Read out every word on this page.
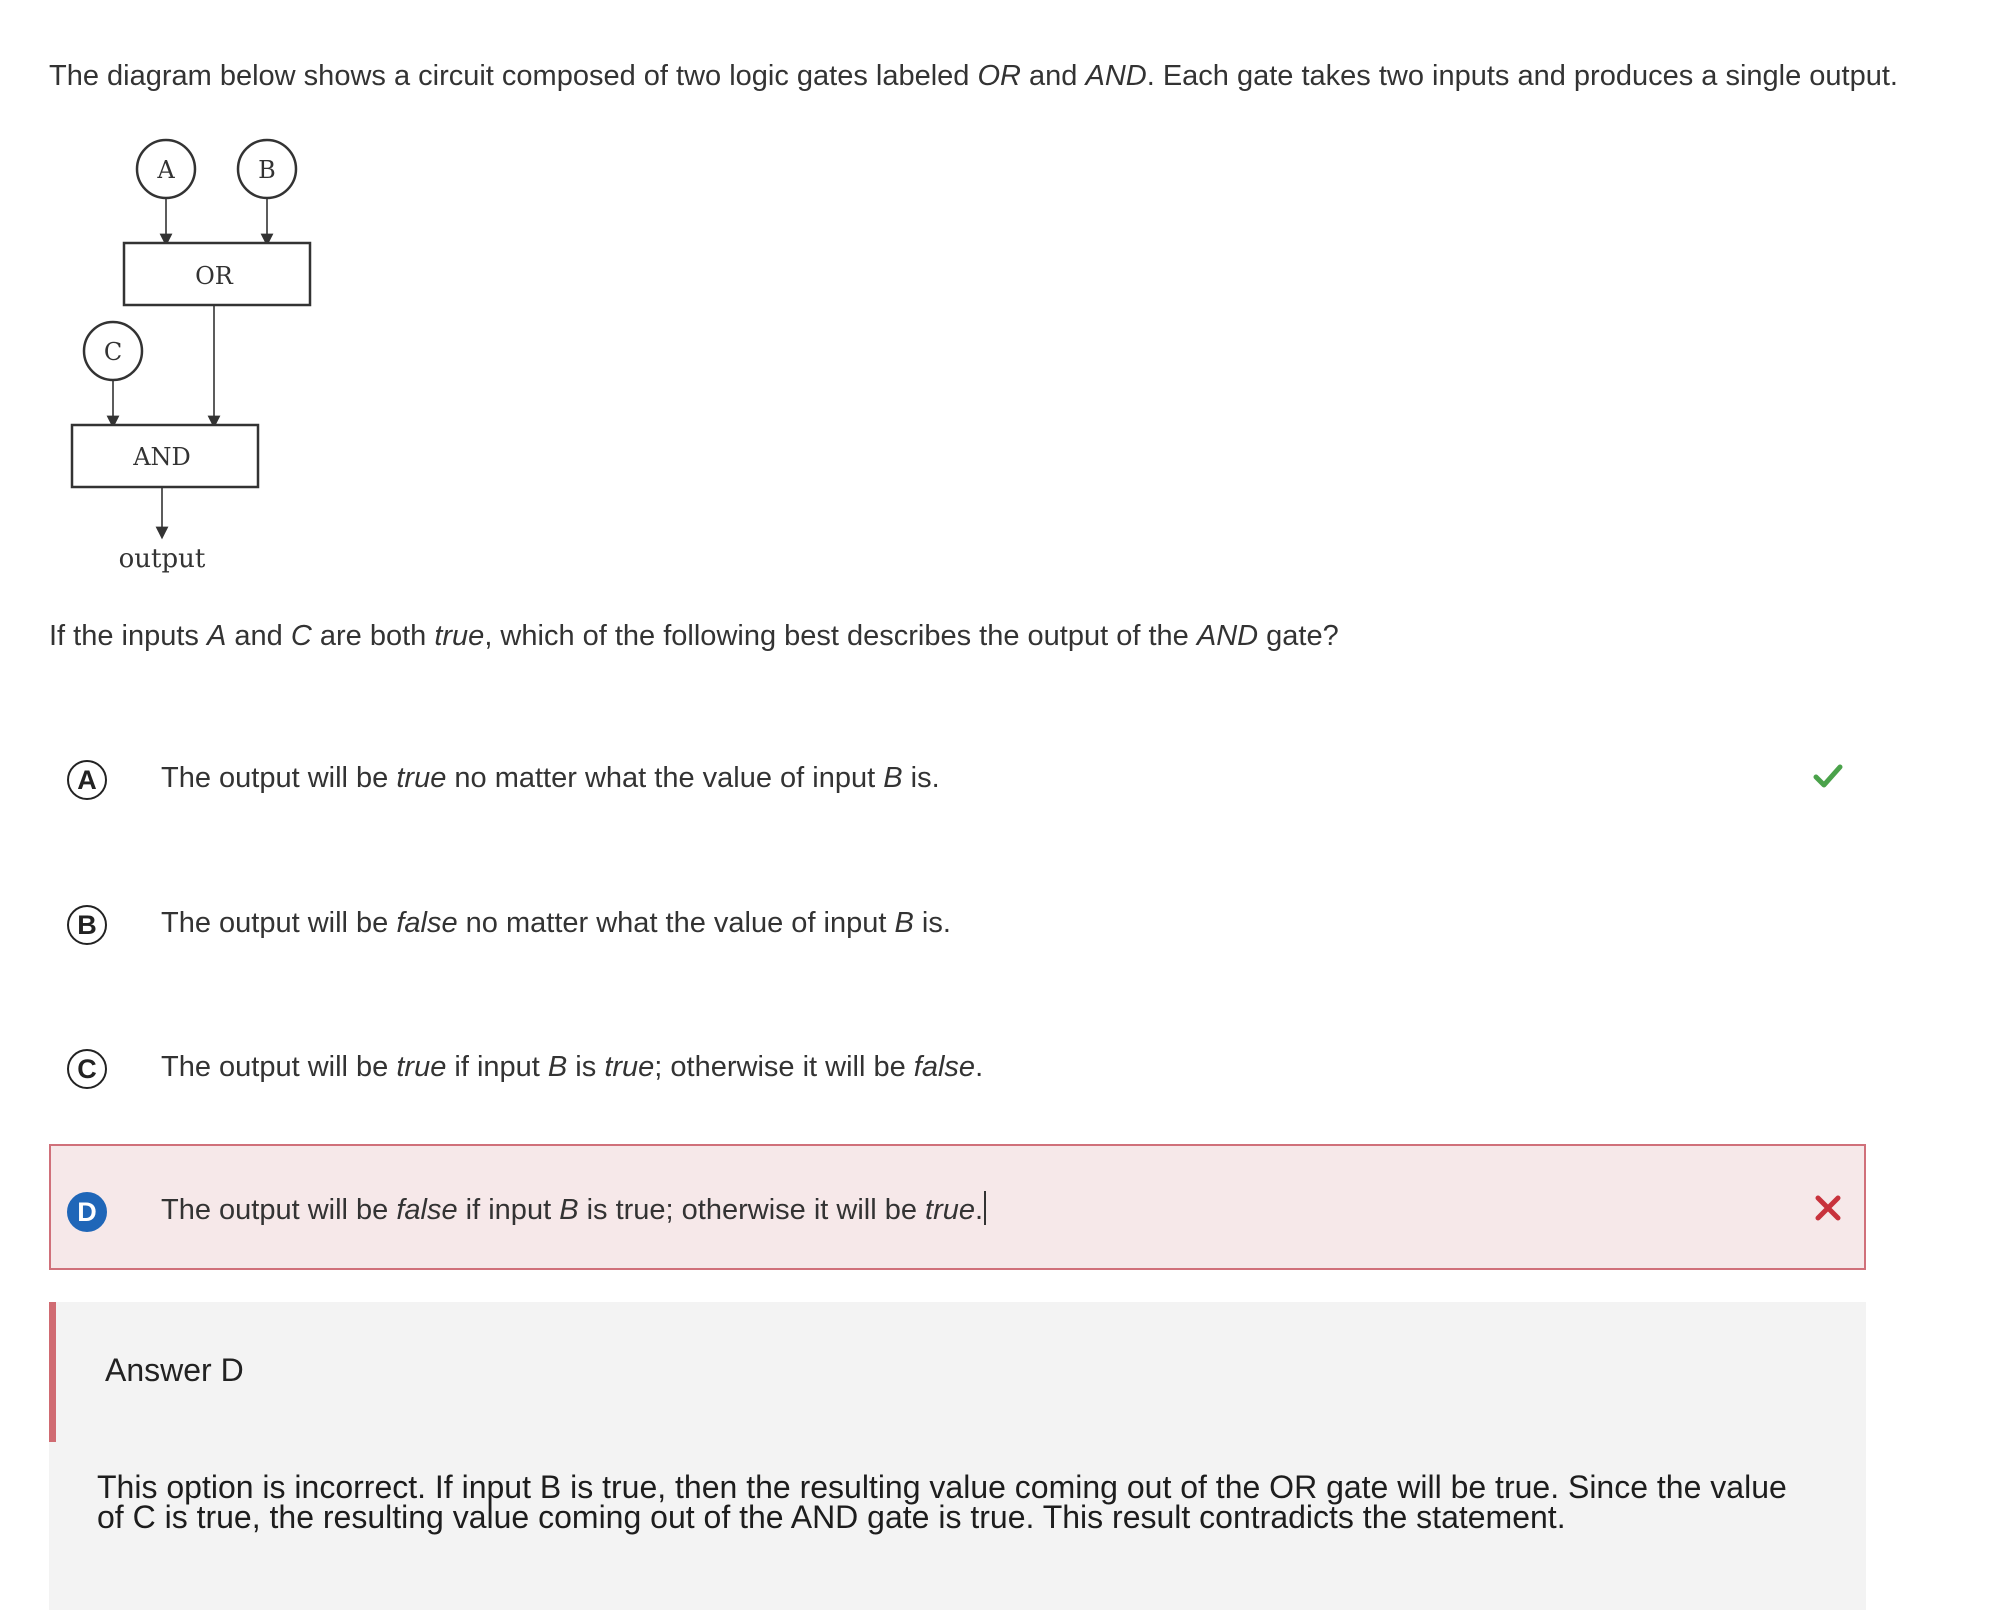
The diagram below shows a circuit composed of two logic gates labeled OR and AND. Each gate takes two inputs and produces a single output.

A	B
OR
C
AND
output

If the inputs A and C are both true, which of the following best describes the output of the AND gate?

A	The output will be true no matter what the value of input B is.
B	The output will be false no matter what the value of input B is.
C	The output will be true if input B is true; otherwise it will be false.
D	The output will be false if input B is true; otherwise it will be true.
Answer D

This option is incorrect. If input B is true, then the resulting value coming out of the OR gate will be true. Since the value of C is true, the resulting value coming out of the AND gate is true. This result contradicts the statement.
